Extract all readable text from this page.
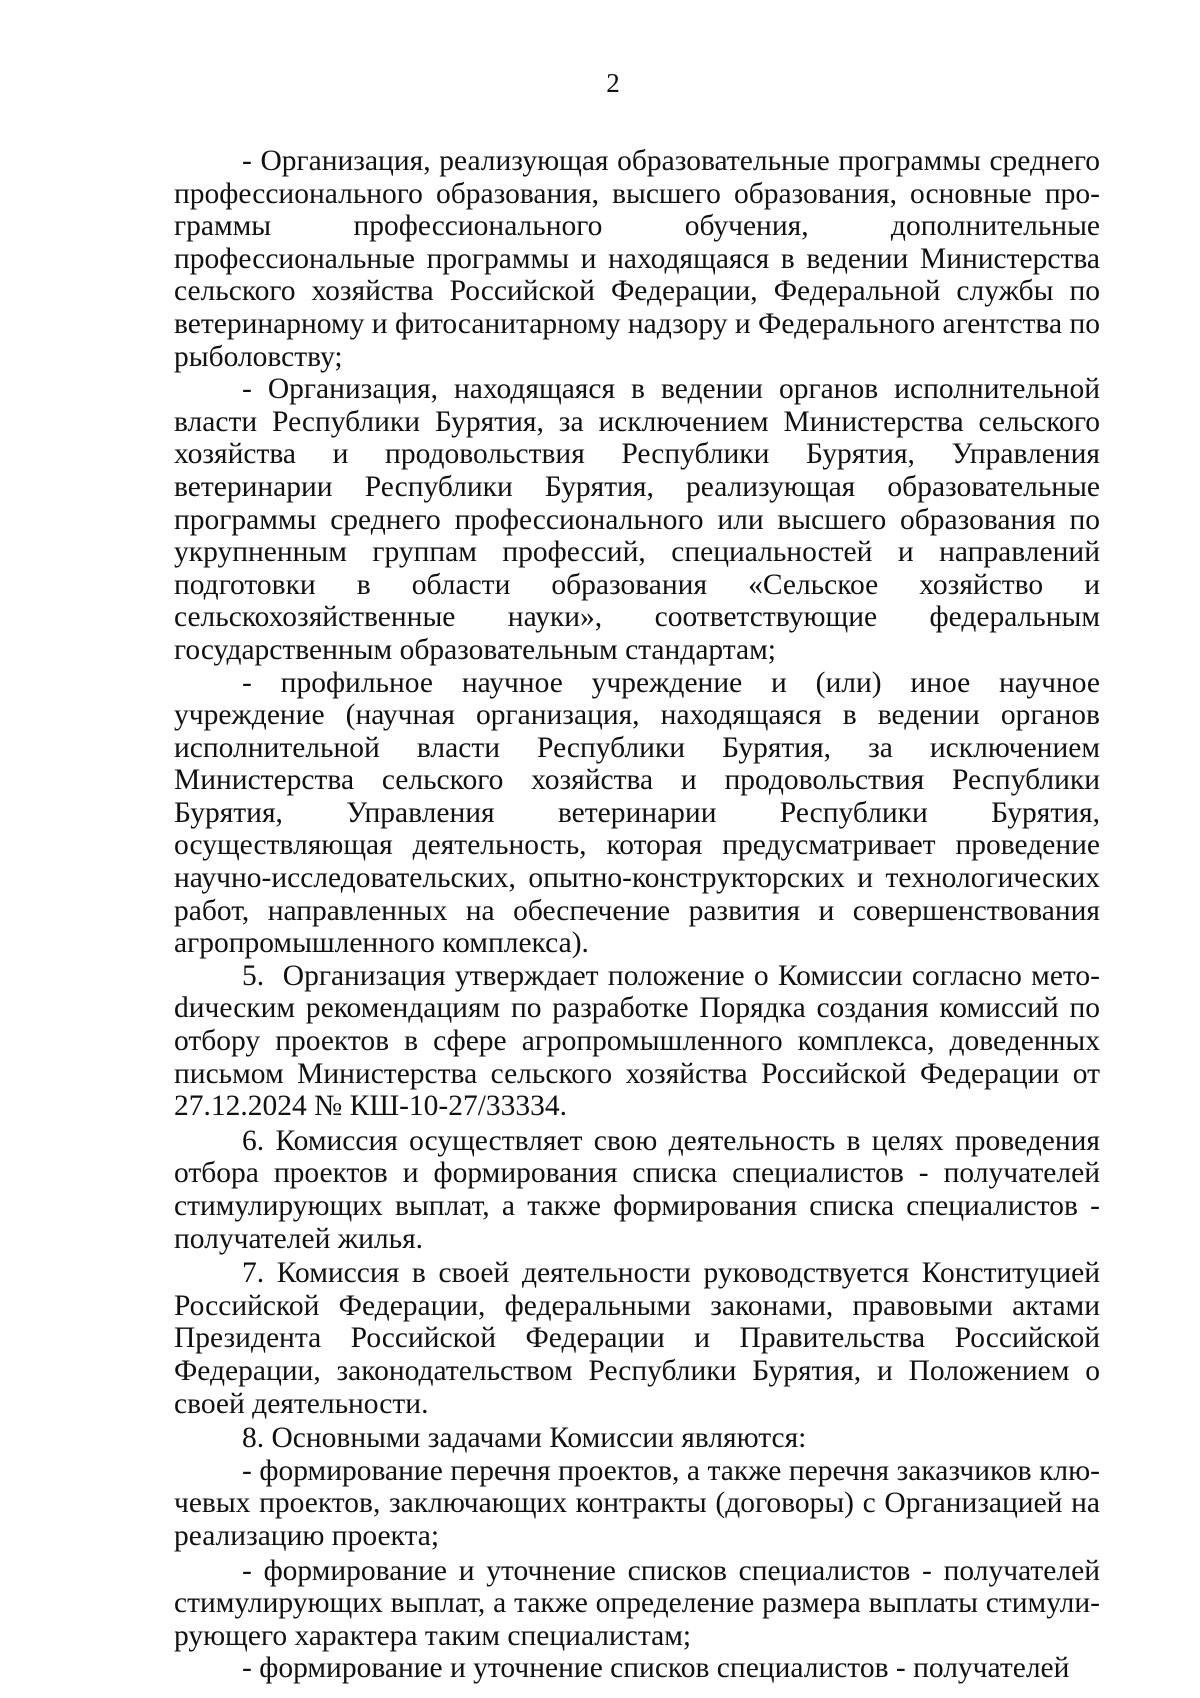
2

- Организация, реализующая образовательные программы среднего профессионального образования, высшего образования, основные программы профессионального обучения, дополнительные профессиональные программы и находящаяся в ведении Министерства сельского хозяйства Российской Федерации, Федеральной службы по ветеринарному и фитосанитарному надзору и Федерального агентства по рыболовству;

- Организация, находящаяся в ведении органов исполнительной власти Республики Бурятия, за исключением Министерства сельского хозяйства и продовольствия Республики Бурятия, Управления ветеринарии Республики Бурятия, реализующая образовательные программы среднего профессионального или высшего образования по укрупненным группам профессий, специальностей и направлений подготовки в области образования «Сельское хозяйство и сельскохозяйственные науки», соответствующие федеральным государственным образовательным стандартам;

- профильное научное учреждение и (или) иное научное учреждение (научная организация, находящаяся в ведении органов исполнительной власти Республики Бурятия, за исключением Министерства сельского хозяйства и продовольствия Республики Бурятия, Управления ветеринарии Республики Бурятия, осуществляющая деятельность, которая предусматривает проведение научно-исследовательских, опытно-конструкторских и технологических работ, направленных на обеспечение развития и совершенствования агропромышленного комплекса).

5.  Организация утверждает положение о Комиссии согласно метоdическим рекомендациям по разработке Порядка создания комиссий по отбору проектов в сфере агропромышленного комплекса, доведенных письмом Министерства сельского хозяйства Российской Федерации от 27.12.2024 № КШ-10-27/33334.

6. Комиссия осуществляет свою деятельность в целях проведения отбора проектов и формирования списка специалистов - получателей стимулирующих выплат, а также формирования списка специалистов - получателей жилья.

7. Комиссия в своей деятельности руководствуется Конституцией Российской Федерации, федеральными законами, правовыми актами Президента Российской Федерации и Правительства Российской Федерации, законодательством Республики Бурятия, и Положением о своей деятельности.

8. Основными задачами Комиссии являются:

- формирование перечня проектов, а также перечня заказчиков ключевых проектов, заключающих контракты (договоры) с Организацией на реализацию проекта;

- формирование и уточнение списков специалистов - получателей стимулирующих выплат, а также определение размера выплаты стимулирующего характера таким специалистам;

- формирование и уточнение списков специалистов - получателей
